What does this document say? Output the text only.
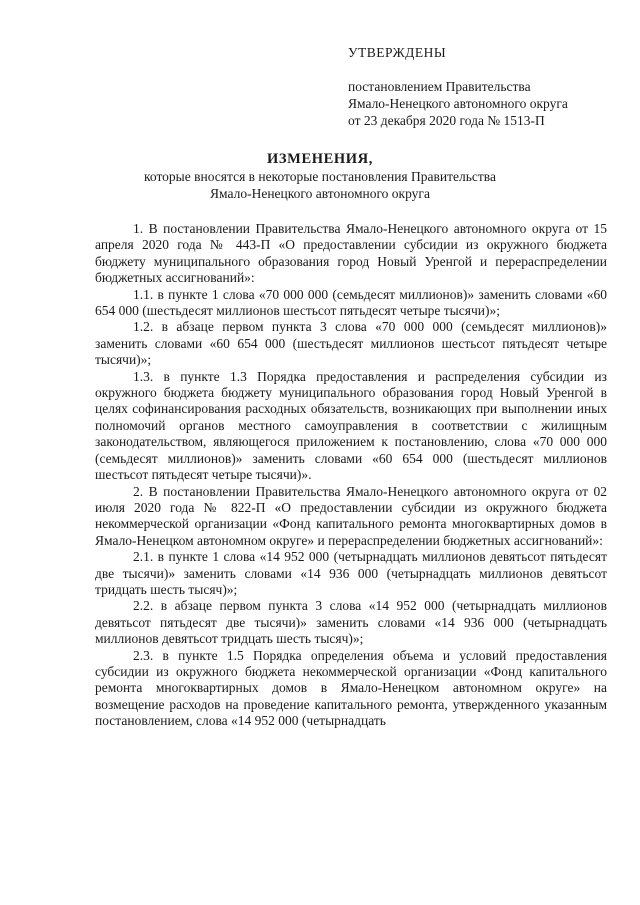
УТВЕРЖДЕНЫ
постановлением Правительства
Ямало-Ненецкого автономного округа
от 23 декабря 2020 года № 1513-П
ИЗМЕНЕНИЯ,
которые вносятся в некоторые постановления Правительства
Ямало-Ненецкого автономного округа

1. В постановлении Правительства Ямало-Ненецкого автономного округа от 15 апреля 2020 года № 443-П «О предоставлении субсидии из окружного бюджета бюджету муниципального образования город Новый Уренгой и перераспределении бюджетных ассигнований»:

1.1. в пункте 1 слова «70 000 000 (семьдесят миллионов)» заменить словами «60 654 000 (шестьдесят миллионов шестьсот пятьдесят четыре тысячи)»;

1.2. в абзаце первом пункта 3 слова «70 000 000 (семьдесят миллионов)» заменить словами «60 654 000 (шестьдесят миллионов шестьсот пятьдесят четыре тысячи)»;

1.3. в пункте 1.3 Порядка предоставления и распределения субсидии из окружного бюджета бюджету муниципального образования город Новый Уренгой в целях софинансирования расходных обязательств, возникающих при выполнении иных полномочий органов местного самоуправления в соответствии с жилищным законодательством, являющегося приложением к постановлению, слова «70 000 000 (семьдесят миллионов)» заменить словами «60 654 000 (шестьдесят миллионов шестьсот пятьдесят четыре тысячи)».

2. В постановлении Правительства Ямало-Ненецкого автономного округа от 02 июля 2020 года № 822-П «О предоставлении субсидии из окружного бюджета некоммерческой организации «Фонд капитального ремонта многоквартирных домов в Ямало-Ненецком автономном округе» и перераспределении бюджетных ассигнований»:

2.1. в пункте 1 слова «14 952 000 (четырнадцать миллионов девятьсот пятьдесят две тысячи)» заменить словами «14 936 000 (четырнадцать миллионов девятьсот тридцать шесть тысяч)»;

2.2. в абзаце первом пункта 3 слова «14 952 000 (четырнадцать миллионов девятьсот пятьдесят две тысячи)» заменить словами «14 936 000 (четырнадцать миллионов девятьсот тридцать шесть тысяч)»;

2.3. в пункте 1.5 Порядка определения объема и условий предоставления субсидии из окружного бюджета некоммерческой организации «Фонд капитального ремонта многоквартирных домов в Ямало-Ненецком автономном округе» на возмещение расходов на проведение капитального ремонта, утвержденного указанным постановлением, слова «14 952 000 (четырнадцать
